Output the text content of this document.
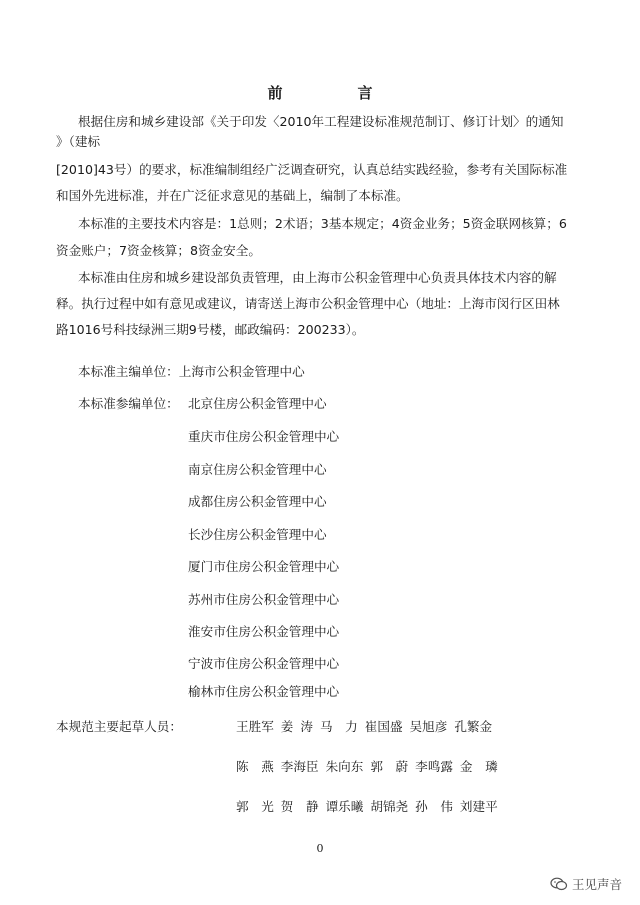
前　言
根据住房和城乡建设部《关于印发〈2010年工程建设标准规范制订、修订计划〉的通知
》（建标
[2010]43号）的要求，标准编制组经广泛调查研究，认真总结实践经验，参考有关国际标准
和国外先进标准，并在广泛征求意见的基础上，编制了本标准。
本标准的主要技术内容是：1总则；2术语；3基本规定；4资金业务；5资金联网核算；6
资金账户；7资金核算；8资金安全。
本标准由住房和城乡建设部负责管理，由上海市公积金管理中心负责具体技术内容的解
释。执行过程中如有意见或建议，请寄送上海市公积金管理中心（地址：上海市闵行区田林
路1016号科技绿洲三期9号楼，邮政编码：200233）。
本标准主编单位：上海市公积金管理中心
本标准参编单位： 北京住房公积金管理中心
重庆市住房公积金管理中心
南京住房公积金管理中心
成都住房公积金管理中心
长沙住房公积金管理中心
厦门市住房公积金管理中心
苏州市住房公积金管理中心
淮安市住房公积金管理中心
宁波市住房公积金管理中心
榆林市住房公积金管理中心
本规范主要起草人员：	王胜军 姜 涛 马　力 崔国盛 吴旭彦 孔繁金
陈　燕 李海臣 朱向东 郭　蔚 李鸣露 金　璘
郭　光 贺　静 谭乐曦 胡锦尧 孙　伟 刘建平
0
王见声音
